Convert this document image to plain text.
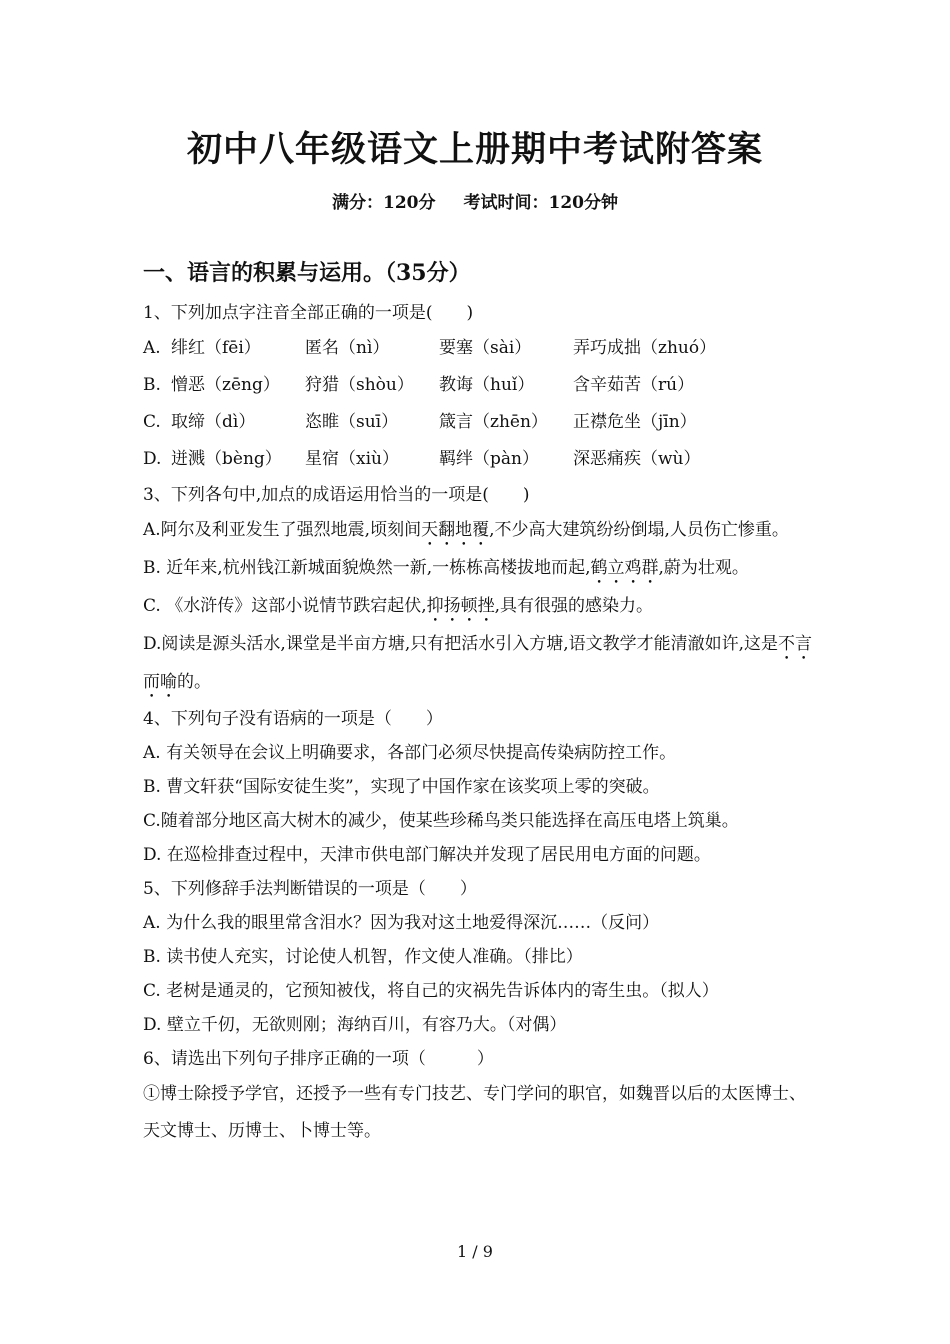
初中八年级语文上册期中考试附答案

满分：120分 考试时间：120分钟

一、语言的积累与运用。（35分）

1、下列加点字注音全部正确的一项是(　　)

A. 绯红（fēi）	匿名（nì）	要塞（sài）	弄巧成拙（zhuó）
B. 憎恶（zēng）	狩猎（shòu）	教诲（huǐ）	含辛茹苦（rú）
C. 取缔（dì）	恣睢（suī）	箴言（zhēn）	正襟危坐（jīn）
D. 迸溅（bèng）	星宿（xiù）	羁绊（pàn）	深恶痛疾（wù）

3、下列各句中,加点的成语运用恰当的一项是(　　)

A.阿尔及利亚发生了强烈地震,顷刻间天翻地覆,不少高大建筑纷纷倒塌,人员伤亡惨重。

B. 近年来,杭州钱江新城面貌焕然一新,一栋栋高楼拔地而起,鹤立鸡群,蔚为壮观。

C. 《水浒传》这部小说情节跌宕起伏,抑扬顿挫,具有很强的感染力。

D.阅读是源头活水,课堂是半亩方塘,只有把活水引入方塘,语文教学才能清澈如许,这是不言而喻的。

4、下列句子没有语病的一项是（　　）

A. 有关领导在会议上明确要求，各部门必须尽快提高传染病防控工作。

B. 曹文轩获“国际安徒生奖”，实现了中国作家在该奖项上零的突破。

C.随着部分地区高大树木的减少，使某些珍稀鸟类只能选择在高压电塔上筑巢。

D. 在巡检排查过程中，天津市供电部门解决并发现了居民用电方面的问题。

5、下列修辞手法判断错误的一项是（　　）

A. 为什么我的眼里常含泪水？因为我对这土地爱得深沉……（反问）

B. 读书使人充实，讨论使人机智，作文使人准确。（排比）

C. 老树是通灵的，它预知被伐，将自己的灾祸先告诉体内的寄生虫。（拟人）

D. 壁立千仞，无欲则刚；海纳百川，有容乃大。（对偶）

6、请选出下列句子排序正确的一项（　　　）

①博士除授予学官，还授予一些有专门技艺、专门学问的职官，如魏晋以后的太医博士、天文博士、历博士、卜博士等。

1 / 9
